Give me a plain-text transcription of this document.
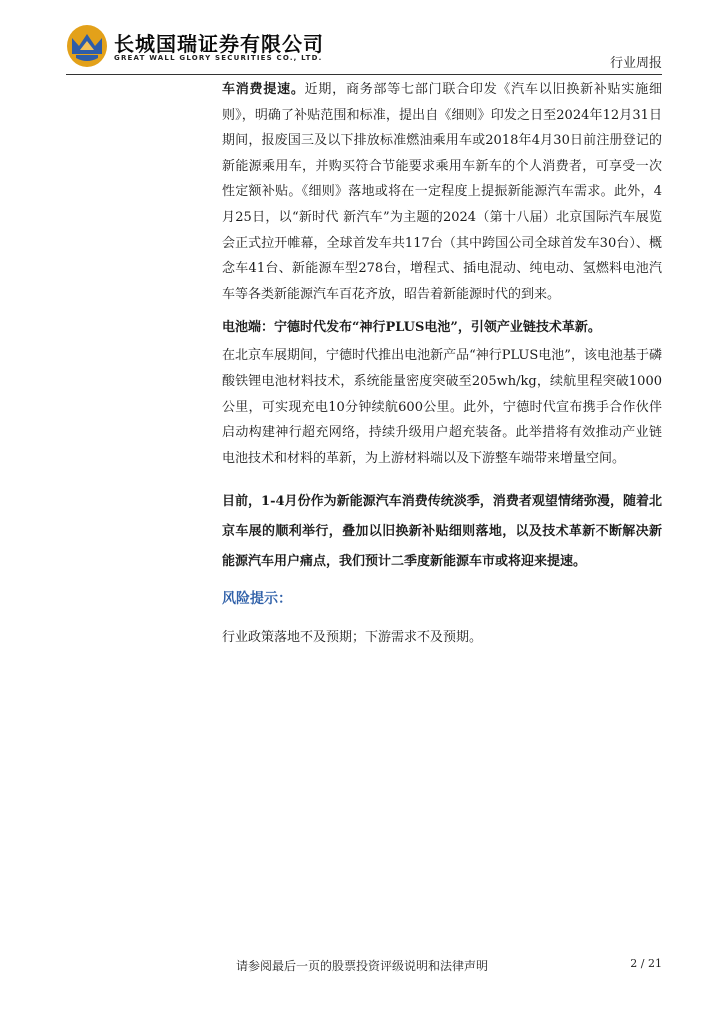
长城国瑞证券有限公司
GREAT WALL GLORY SECURITIES CO., LTD.	行业周报

车消费提速。近期，商务部等七部门联合印发《汽车以旧换新补贴实施细则》，明确了补贴范围和标准，提出自《细则》印发之日至2024年12月31日期间，报废国三及以下排放标准燃油乘用车或2018年4月30日前注册登记的新能源乘用车，并购买符合节能要求乘用车新车的个人消费者，可享受一次性定额补贴。《细则》落地或将在一定程度上提振新能源汽车需求。此外，4月25日，以“新时代 新汽车”为主题的2024（第十八届）北京国际汽车展览会正式拉开帷幕，全球首发车共117台（其中跨国公司全球首发车30台）、概念车41台、新能源车型278台，增程式、插电混动、纯电动、氢燃料电池汽车等各类新能源汽车百花齐放，昭告着新能源时代的到来。

电池端：宁德时代发布“神行PLUS电池”，引领产业链技术革新。
在北京车展期间，宁德时代推出电池新产品“神行PLUS电池”，该电池基于磷酸铁锂电池材料技术，系统能量密度突破至205wh/kg，续航里程突破1000公里，可实现充电10分钟续航600公里。此外，宁德时代宣布携手合作伙伴启动构建神行超充网络，持续升级用户超充装备。此举措将有效推动产业链电池技术和材料的革新，为上游材料端以及下游整车端带来增量空间。

目前，1-4月份作为新能源汽车消费传统淡季，消费者观望情绪弥漫，随着北京车展的顺利举行，叠加以旧换新补贴细则落地，以及技术革新不断解决新能源汽车用户痛点，我们预计二季度新能源车市或将迎来提速。

风险提示：
行业政策落地不及预期；下游需求不及预期。
请参阅最后一页的股票投资评级说明和法律声明	2 / 21
